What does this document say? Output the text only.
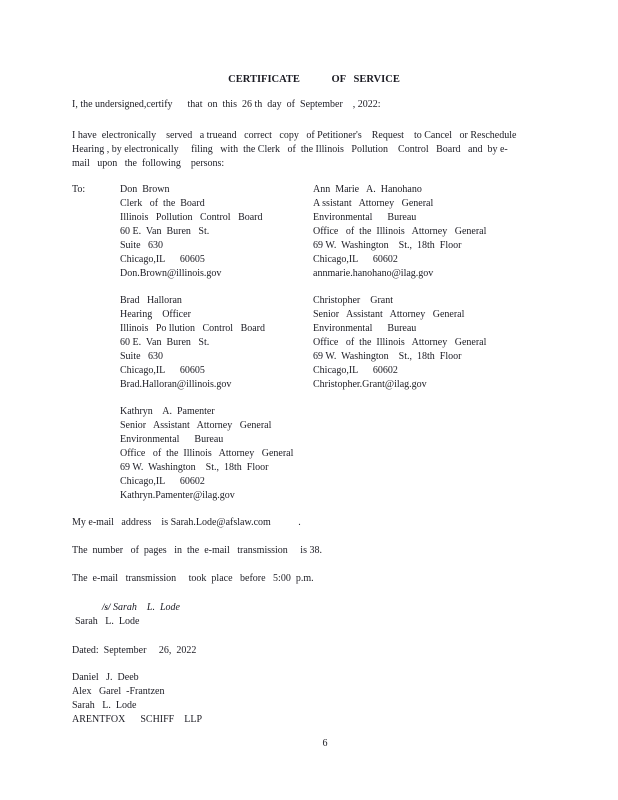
CERTIFICATE            OF   SERVICE

I, the undersigned,certify      that  on  this  26 th  day  of  September    , 2022:

I have  electronically    served   a trueand   correct   copy   of Petitioner's    Request    to Cancel   or Reschedule
Hearing , by electronically     filing   with  the Clerk   of  the Illinois   Pollution    Control   Board   and  by e-
mail   upon   the  following    persons:
To:	Don  Brown
Clerk   of  the  Board
Illinois   Pollution   Control   Board
60 E.  Van  Buren   St.
Suite   630
Chicago,IL      60605
Don.Brown@illinois.gov
Ann  Marie   A.  Hanohano
A ssistant   Attorney   General
Environmental      Bureau
Office   of  the  Illinois   Attorney   General
69 W.  Washington    St.,  18th  Floor
Chicago,IL      60602
annmarie.hanohano@ilag.gov
Brad   Halloran
Hearing    Officer
Illinois   Po llution   Control   Board
60 E.  Van  Buren   St.
Suite   630
Chicago,IL      60605
Brad.Halloran@illinois.gov
Christopher    Grant
Senior   Assistant   Attorney   General
Environmental      Bureau
Office   of  the  Illinois   Attorney   General
69 W.  Washington    St.,  18th  Floor
Chicago,IL      60602
Christopher.Grant@ilag.gov
Kathryn    A.  Pamenter
Senior   Assistant   Attorney   General
Environmental      Bureau
Office   of  the  Illinois   Attorney   General
69 W.  Washington    St.,  18th  Floor
Chicago,IL      60602
Kathryn.Pamenter@ilag.gov

My e-mail   address    is Sarah.Lode@afslaw.com           .

The  number   of  pages   in  the  e-mail   transmission     is 38.

The  e-mail   transmission     took  place   before   5:00  p.m.

/s/ Sarah    L.  Lode
Sarah   L.  Lode

Dated:  September     26,  2022

Daniel   J.  Deeb
Alex   Garel  -Frantzen
Sarah   L.  Lode
ARENTFOX      SCHIFF    LLP
6
